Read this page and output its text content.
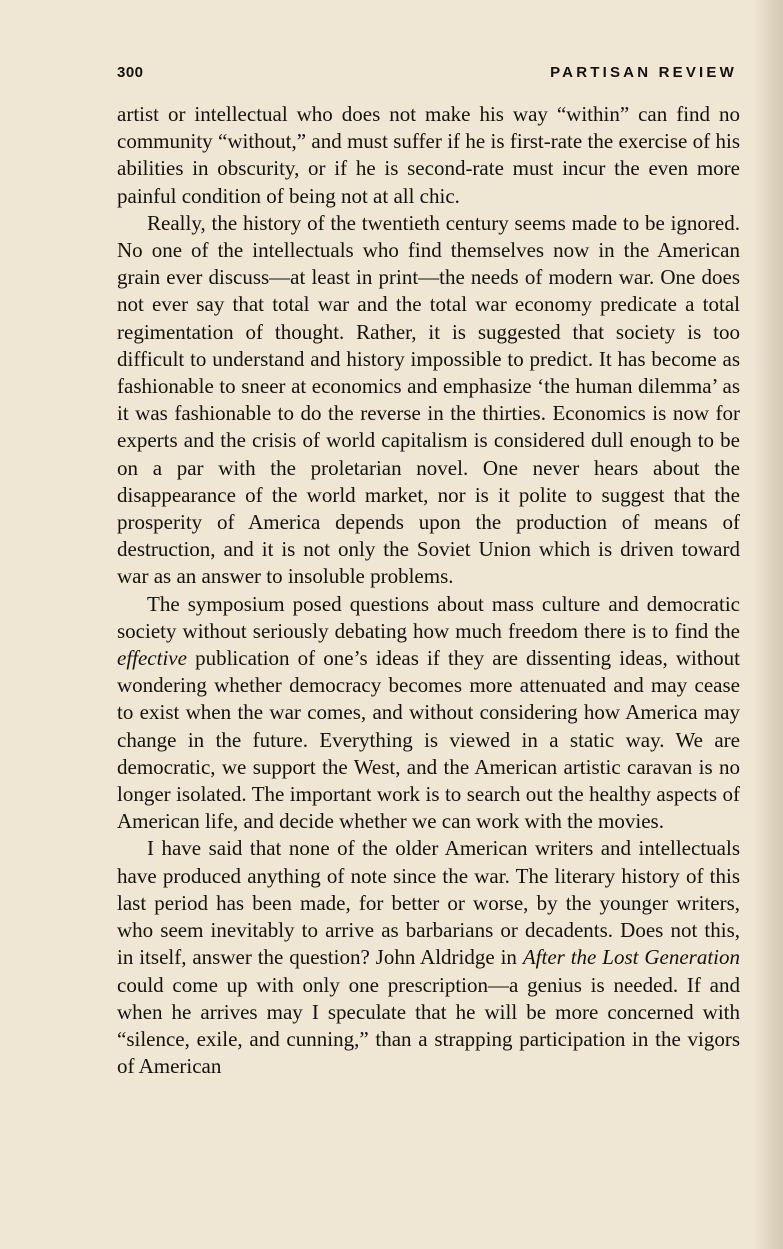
300	PARTISAN REVIEW

artist or intellectual who does not make his way “within” can find no community “without,” and must suffer if he is first-rate the exercise of his abilities in obscurity, or if he is second-rate must incur the even more painful condition of being not at all chic.

Really, the history of the twentieth century seems made to be ignored. No one of the intellectuals who find themselves now in the American grain ever discuss—at least in print—the needs of modern war. One does not ever say that total war and the total war economy predicate a total regimentation of thought. Rather, it is suggested that society is too difficult to understand and history impossible to predict. It has become as fashionable to sneer at economics and emphasize ‘the human dilemma’ as it was fashionable to do the reverse in the thirties. Economics is now for experts and the crisis of world capitalism is considered dull enough to be on a par with the proletarian novel. One never hears about the disappearance of the world market, nor is it polite to suggest that the prosperity of America depends upon the production of means of destruction, and it is not only the Soviet Union which is driven toward war as an answer to insoluble problems.

The symposium posed questions about mass culture and democratic society without seriously debating how much freedom there is to find the effective publication of one’s ideas if they are dissenting ideas, without wondering whether democracy becomes more attenuated and may cease to exist when the war comes, and without considering how America may change in the future. Everything is viewed in a static way. We are democratic, we support the West, and the American artistic caravan is no longer isolated. The important work is to search out the healthy aspects of American life, and decide whether we can work with the movies.

I have said that none of the older American writers and intellectuals have produced anything of note since the war. The literary history of this last period has been made, for better or worse, by the younger writers, who seem inevitably to arrive as barbarians or decadents. Does not this, in itself, answer the question? John Aldridge in After the Lost Generation could come up with only one prescription—a genius is needed. If and when he arrives may I speculate that he will be more concerned with “silence, exile, and cunning,” than a strapping participation in the vigors of American
